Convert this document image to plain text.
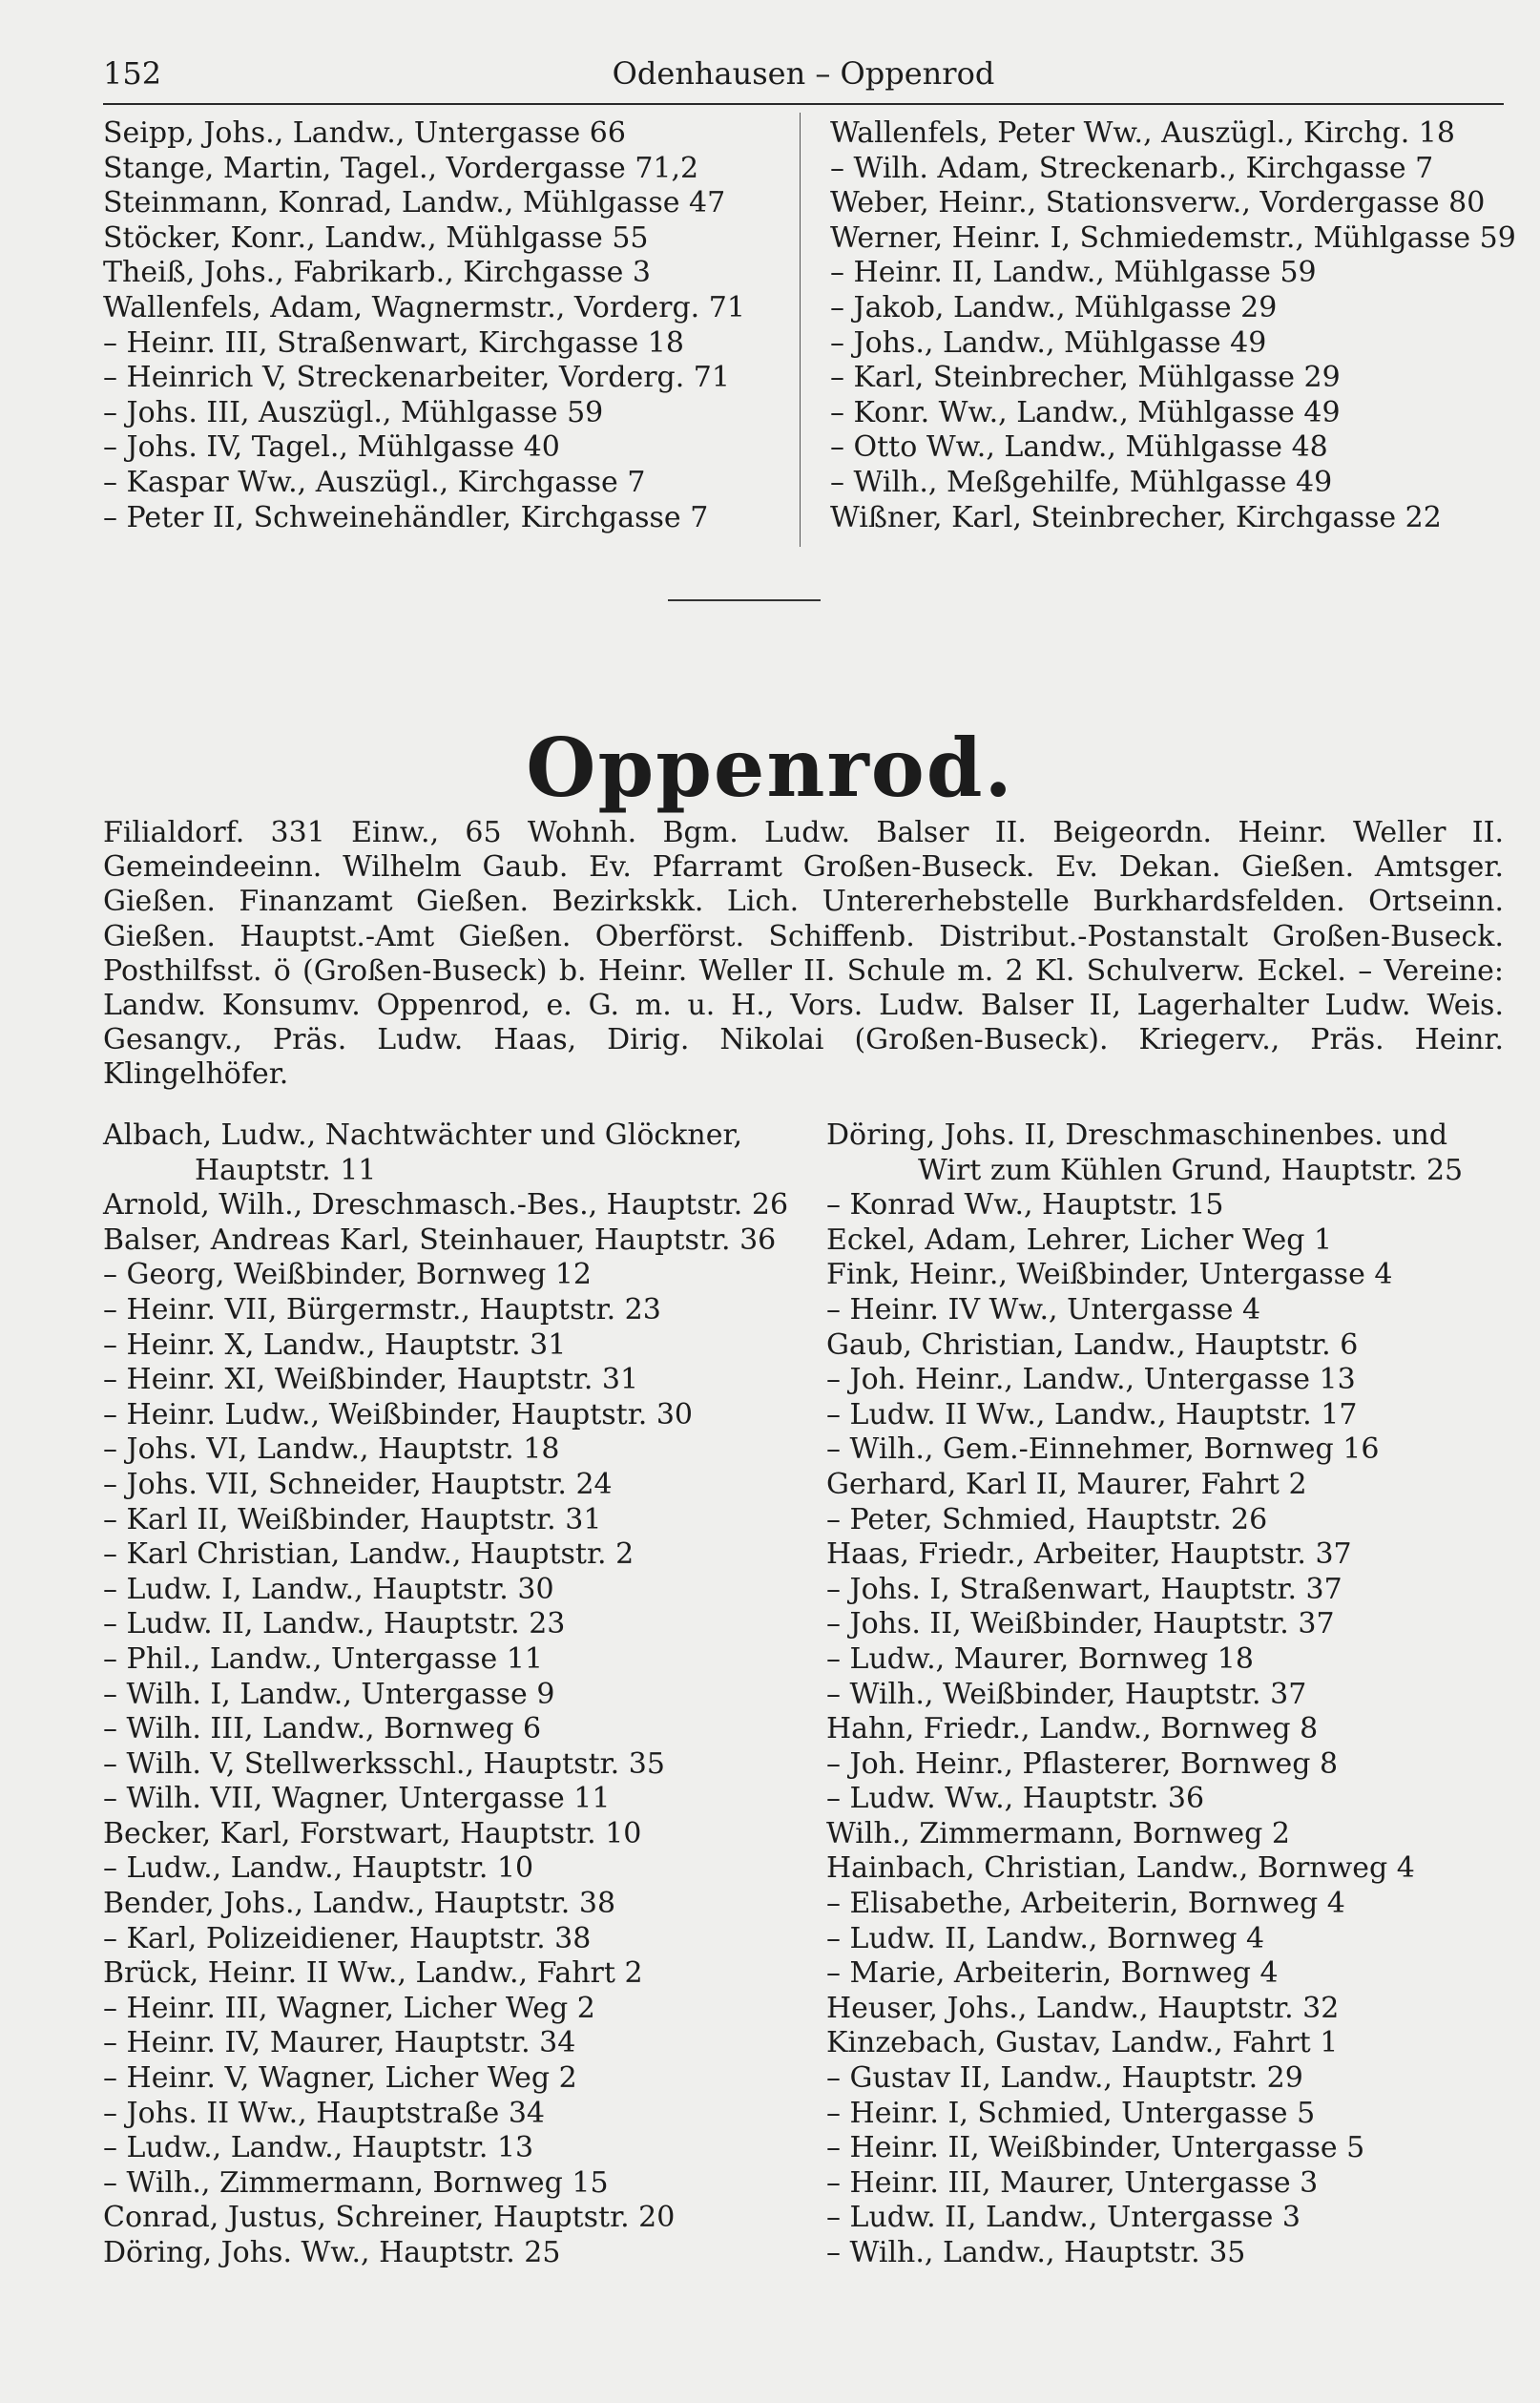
152	Odenhausen – Oppenrod
Seipp, Johs., Landw., Untergasse 66
Stange, Martin, Tagel., Vordergasse 71,2
Steinmann, Konrad, Landw., Mühlgasse 47
Stöcker, Konr., Landw., Mühlgasse 55
Theiß, Johs., Fabrikarb., Kirchgasse 3
Wallenfels, Adam, Wagnermstr., Vorderg. 71
– Heinr. III, Straßenwart, Kirchgasse 18
– Heinrich V, Streckenarbeiter, Vorderg. 71
– Johs. III, Auszügl., Mühlgasse 59
– Johs. IV, Tagel., Mühlgasse 40
– Kaspar Ww., Auszügl., Kirchgasse 7
– Peter II, Schweinehändler, Kirchgasse 7
Wallenfels, Peter Ww., Auszügl., Kirchg. 18
– Wilh. Adam, Streckenarb., Kirchgasse 7
Weber, Heinr., Stationsverw., Vordergasse 80
Werner, Heinr. I, Schmiedemstr., Mühlgasse 59
– Heinr. II, Landw., Mühlgasse 59
– Jakob, Landw., Mühlgasse 29
– Johs., Landw., Mühlgasse 49
– Karl, Steinbrecher, Mühlgasse 29
– Konr. Ww., Landw., Mühlgasse 49
– Otto Ww., Landw., Mühlgasse 48
– Wilh., Meßgehilfe, Mühlgasse 49
Wißner, Karl, Steinbrecher, Kirchgasse 22
Oppenrod.
Filialdorf. 331 Einw., 65 Wohnh. Bgm. Ludw. Balser II. Beigeordn. Heinr. Weller II. Gemeindeeinn. Wilhelm Gaub. Ev. Pfarramt Großen-Buseck. Ev. Dekan. Gießen. Amtsger. Gießen. Finanzamt Gießen. Bezirkskk. Lich. Untererhebstelle Burkhardsfelden. Ortseinn. Gießen. Hauptst.-Amt Gießen. Oberförst. Schiffenb. Distribut.-Postanstalt Großen-Buseck. Posthilfsst. ö (Großen-Buseck) b. Heinr. Weller II. Schule m. 2 Kl. Schulverw. Eckel. – Vereine: Landw. Konsumv. Oppenrod, e. G. m. u. H., Vors. Ludw. Balser II, Lagerhalter Ludw. Weis. Gesangv., Präs. Ludw. Haas, Dirig. Nikolai (Großen-Buseck). Kriegerv., Präs. Heinr. Klingelhöfer.
Albach, Ludw., Nachtwächter und Glöckner,
Hauptstr. 11
Arnold, Wilh., Dreschmasch.-Bes., Hauptstr. 26
Balser, Andreas Karl, Steinhauer, Hauptstr. 36
– Georg, Weißbinder, Bornweg 12
– Heinr. VII, Bürgermstr., Hauptstr. 23
– Heinr. X, Landw., Hauptstr. 31
– Heinr. XI, Weißbinder, Hauptstr. 31
– Heinr. Ludw., Weißbinder, Hauptstr. 30
– Johs. VI, Landw., Hauptstr. 18
– Johs. VII, Schneider, Hauptstr. 24
– Karl II, Weißbinder, Hauptstr. 31
– Karl Christian, Landw., Hauptstr. 2
– Ludw. I, Landw., Hauptstr. 30
– Ludw. II, Landw., Hauptstr. 23
– Phil., Landw., Untergasse 11
– Wilh. I, Landw., Untergasse 9
– Wilh. III, Landw., Bornweg 6
– Wilh. V, Stellwerksschl., Hauptstr. 35
– Wilh. VII, Wagner, Untergasse 11
Becker, Karl, Forstwart, Hauptstr. 10
– Ludw., Landw., Hauptstr. 10
Bender, Johs., Landw., Hauptstr. 38
– Karl, Polizeidiener, Hauptstr. 38
Brück, Heinr. II Ww., Landw., Fahrt 2
– Heinr. III, Wagner, Licher Weg 2
– Heinr. IV, Maurer, Hauptstr. 34
– Heinr. V, Wagner, Licher Weg 2
– Johs. II Ww., Hauptstraße 34
– Ludw., Landw., Hauptstr. 13
– Wilh., Zimmermann, Bornweg 15
Conrad, Justus, Schreiner, Hauptstr. 20
Döring, Johs. Ww., Hauptstr. 25
Döring, Johs. II, Dreschmaschinenbes. und
Wirt zum Kühlen Grund, Hauptstr. 25
– Konrad Ww., Hauptstr. 15
Eckel, Adam, Lehrer, Licher Weg 1
Fink, Heinr., Weißbinder, Untergasse 4
– Heinr. IV Ww., Untergasse 4
Gaub, Christian, Landw., Hauptstr. 6
– Joh. Heinr., Landw., Untergasse 13
– Ludw. II Ww., Landw., Hauptstr. 17
– Wilh., Gem.-Einnehmer, Bornweg 16
Gerhard, Karl II, Maurer, Fahrt 2
– Peter, Schmied, Hauptstr. 26
Haas, Friedr., Arbeiter, Hauptstr. 37
– Johs. I, Straßenwart, Hauptstr. 37
– Johs. II, Weißbinder, Hauptstr. 37
– Ludw., Maurer, Bornweg 18
– Wilh., Weißbinder, Hauptstr. 37
Hahn, Friedr., Landw., Bornweg 8
– Joh. Heinr., Pflasterer, Bornweg 8
– Ludw. Ww., Hauptstr. 36
Wilh., Zimmermann, Bornweg 2
Hainbach, Christian, Landw., Bornweg 4
– Elisabethe, Arbeiterin, Bornweg 4
– Ludw. II, Landw., Bornweg 4
– Marie, Arbeiterin, Bornweg 4
Heuser, Johs., Landw., Hauptstr. 32
Kinzebach, Gustav, Landw., Fahrt 1
– Gustav II, Landw., Hauptstr. 29
– Heinr. I, Schmied, Untergasse 5
– Heinr. II, Weißbinder, Untergasse 5
– Heinr. III, Maurer, Untergasse 3
– Ludw. II, Landw., Untergasse 3
– Wilh., Landw., Hauptstr. 35
